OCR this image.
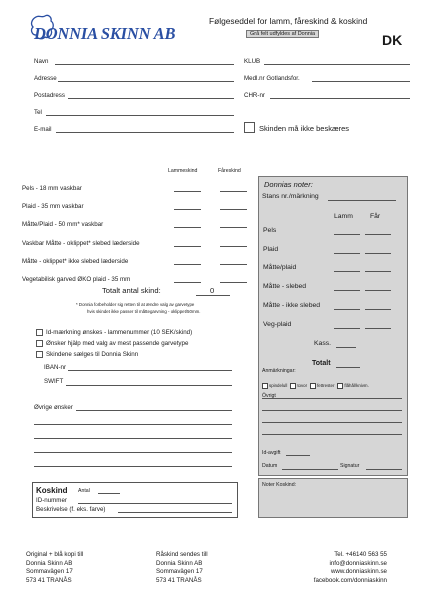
DONNIA SKINN AB
Følgeseddel for lamm, fåreskind & koskind
Grå felt udfyldes af Donnia	DK
Navn
Adresse
Postadress
Tel
E-mail
KLUB
Medl.nr Gotlandsfor.
CHR-nr
Skinden må ikke beskæres
Lammeskind	Fåreskind
Pels - 18 mm vaskbar
Plaid - 35 mm vaskbar
Måtte/Plaid - 50 mm* vaskbar
Vaskbar Måtte - oklippet* slebed læderside
Måtte - oklippet* ikke slebed læderside
Vegetabilisk garved ØKO plaid - 35 mm
Totalt antal skind:	0
* Donnia forbeholder sig retten til at ændre valg av garvetype
hvis skindet ikke passer til måttegarvning - oklippet/50mm.
Id-mærkning ønskes - lammenummer (10 SEK/skind)
Ønsker hjälp med valg av mest passende garvetype
Skindene sælges til Donnia Skinn
IBAN-nr
SWIFT
Øvrige ønsker
Koskind Antal
ID-nummer
Beskrivelse (f. eks. farve)
Donnias noter:
Stans nr./märkning
Lamm	Får
Pels
Plaid
Måtte/plaid
Måtte - slebed
Måtte - ikke slebed
Veg-plaid
Kass.
Totalt
Anmärkningar:
spindelull tovor fettrester flåhål/knivm.
Övrigt
Id-avgift
Datum	Signatur
Noter Koskind:
Original + blå kopi till
Donnia Skinn AB
Sommavägen 17
573 41 TRANÅS
Råskind sendes till
Donnia Skinn AB
Sommavägen 17
573 41 TRANÅS
Tel. +46140 563 55
info@donniaskinn.se
www.donniaskinn.se
facebook.com/donniaskinn
